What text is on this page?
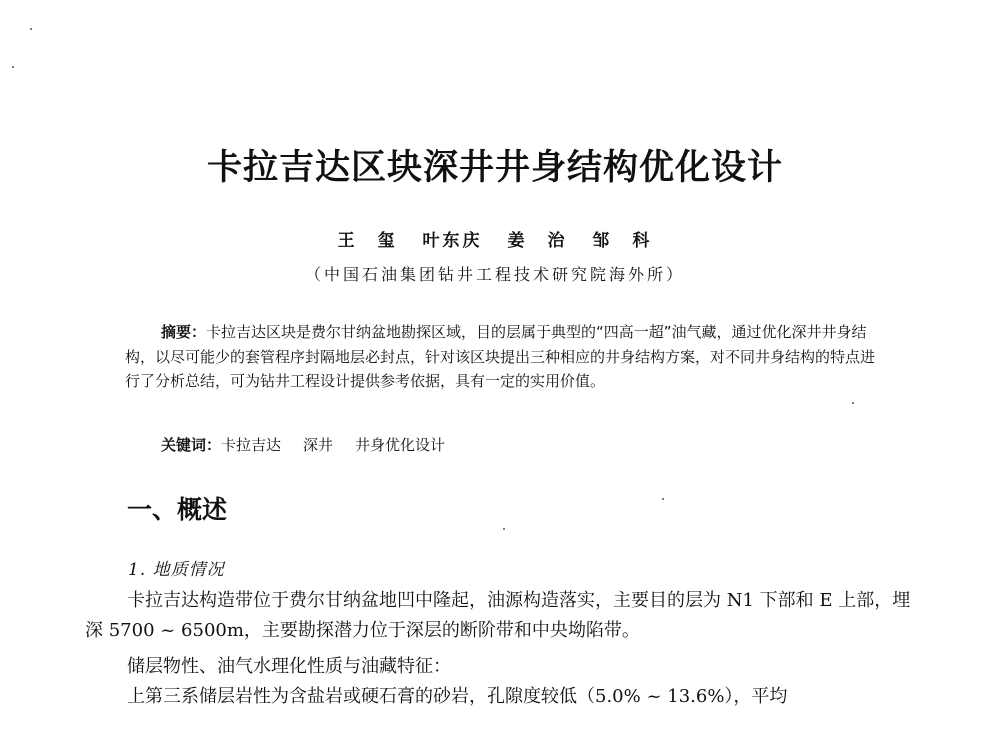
卡拉吉达区块深井井身结构优化设计
王　玺 叶东庆 姜　治 邹　科
（中国石油集团钻井工程技术研究院海外所）

摘要：卡拉吉达区块是费尔甘纳盆地勘探区域，目的层属于典型的“四高一超”油气藏，通过优化深井井身结构，以尽可能少的套管程序封隔地层必封点，针对该区块提出三种相应的井身结构方案，对不同井身结构的特点进行了分析总结，可为钻井工程设计提供参考依据，具有一定的实用价值。

关键词：卡拉吉达 深井 井身优化设计
一、概述
1. 地质情况

卡拉吉达构造带位于费尔甘纳盆地凹中隆起，油源构造落实，主要目的层为 N1 下部和 E 上部，埋深 5700 ~ 6500m，主要勘探潜力位于深层的断阶带和中央坳陷带。

储层物性、油气水理化性质与油藏特征：

上第三系储层岩性为含盐岩或硬石膏的砂岩，孔隙度较低（5.0% ~ 13.6%），平均
